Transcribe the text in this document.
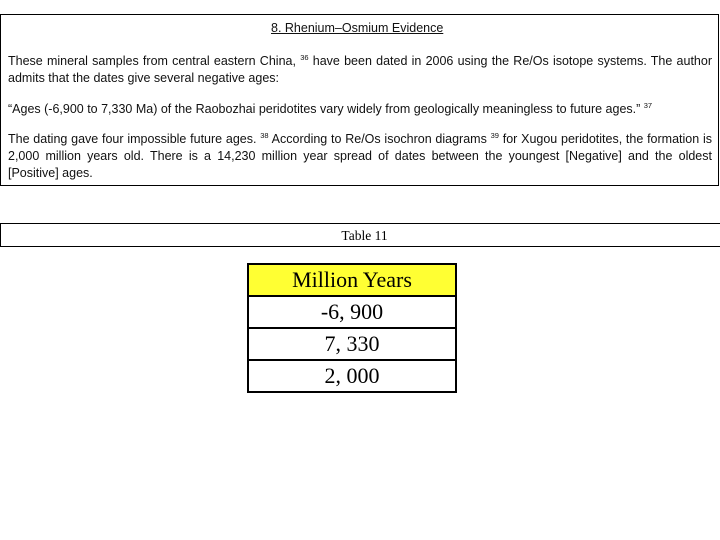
8. Rhenium–Osmium Evidence

These mineral samples from central eastern China, $^{36}$ have been dated in 2006 using the Re/Os isotope systems. The author admits that the dates give several negative ages:

“Ages (-6,900 to 7,330 Ma) of the Raobozhai peridotites vary widely from geologically meaningless to future ages.” $^{37}$

The dating gave four impossible future ages. $^{38}$ According to Re/Os isochron diagrams $^{39}$ for Xugou peridotites, the formation is 2,000 million years old. There is a 14,230 million year spread of dates between the youngest [Negative] and the oldest [Positive] ages.

Table 11
Million Years
-6, 900
7, 330
2, 000
